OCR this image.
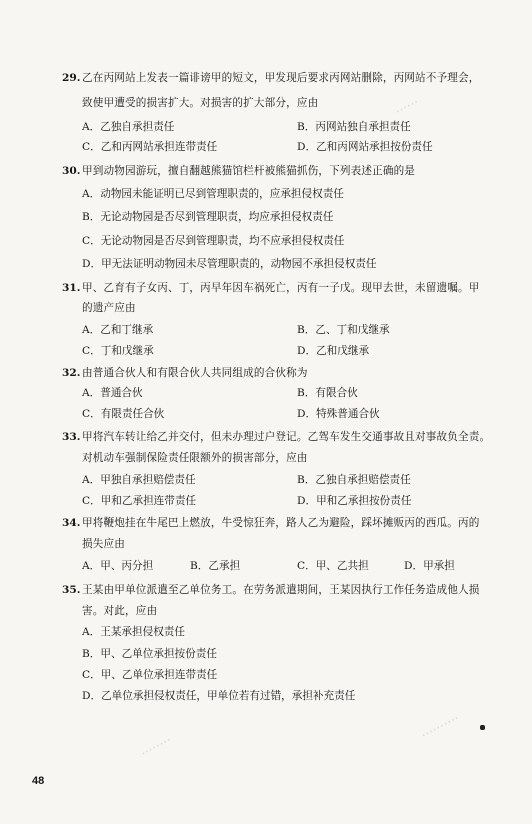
29. 乙在丙网站上发表一篇诽谤甲的短文，甲发现后要求丙网站删除，丙网站不予理会，
致使甲遭受的损害扩大。对损害的扩大部分，应由
A．乙独自承担责任	B．丙网站独自承担责任
C．乙和丙网站承担连带责任	D．乙和丙网站承担按份责任
30. 甲到动物园游玩，擅自翻越熊猫馆栏杆被熊猫抓伤，下列表述正确的是
A．动物园未能证明已尽到管理职责的，应承担侵权责任
B．无论动物园是否尽到管理职责，均应承担侵权责任
C．无论动物园是否尽到管理职责，均不应承担侵权责任
D．甲无法证明动物园未尽管理职责的，动物园不承担侵权责任
31. 甲、乙育有子女丙、丁，丙早年因车祸死亡，丙有一子戊。现甲去世，未留遗嘱。甲
的遗产应由
A．乙和丁继承	B．乙、丁和戊继承
C．丁和戊继承	D．乙和戊继承
32. 由普通合伙人和有限合伙人共同组成的合伙称为
A．普通合伙	B．有限合伙
C．有限责任合伙	D．特殊普通合伙
33. 甲将汽车转让给乙并交付，但未办理过户登记。乙驾车发生交通事故且对事故负全责。
对机动车强制保险责任限额外的损害部分，应由
A．甲独自承担赔偿责任	B．乙独自承担赔偿责任
C．甲和乙承担连带责任	D．甲和乙承担按份责任
34. 甲将鞭炮挂在牛尾巴上燃放，牛受惊狂奔，路人乙为避险，踩坏摊贩丙的西瓜。丙的
损失应由
A．甲、丙分担	B．乙承担	C．甲、乙共担	D．甲承担
35. 王某由甲单位派遣至乙单位务工。在劳务派遣期间，王某因执行工作任务造成他人损
害。对此，应由
A．王某承担侵权责任
B．甲、乙单位承担按份责任
C．甲、乙单位承担连带责任
D．乙单位承担侵权责任，甲单位若有过错，承担补充责任
······
··········
········
48
